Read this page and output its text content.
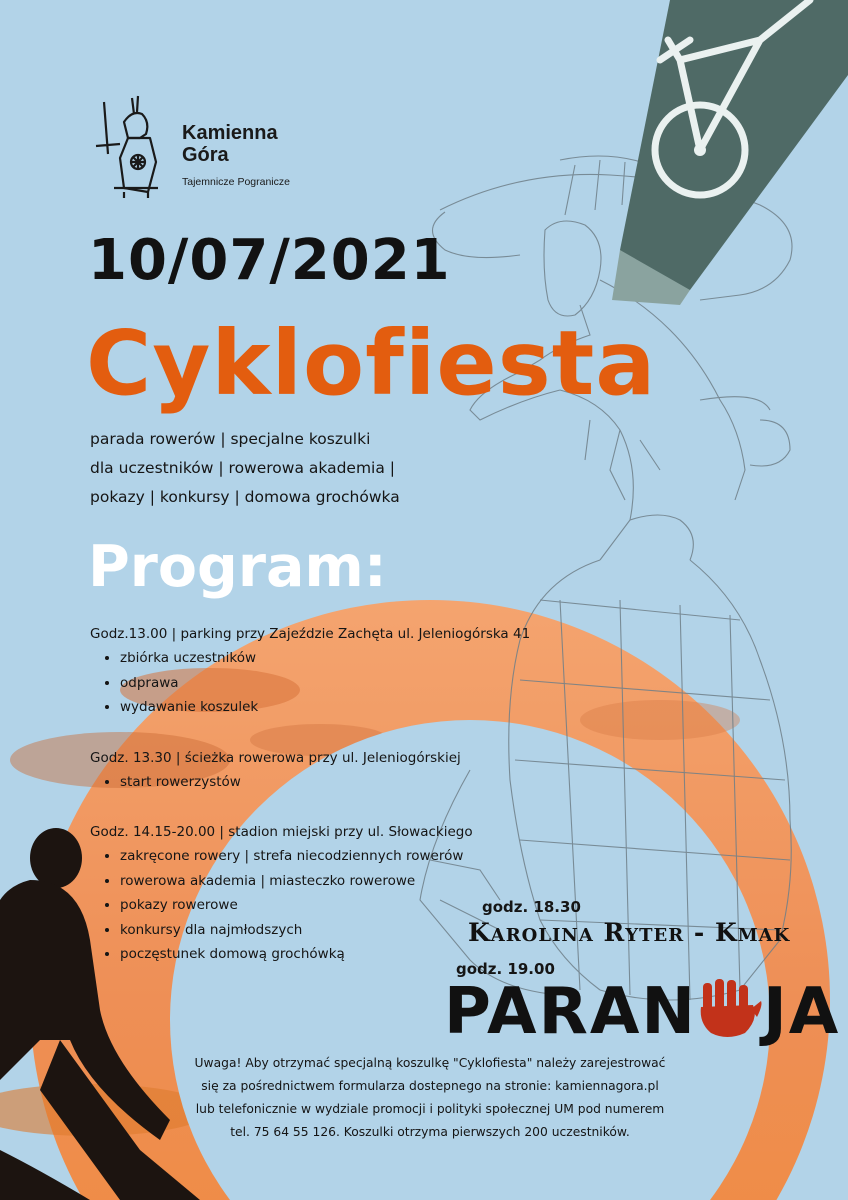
Kamienna
Góra
Tajemnicze Pogranicze
10/07/2021
Cyklofiesta
parada rowerów | specjalne koszulki
dla uczestników | rowerowa akademia |
pokazy | konkursy | domowa grochówka
Program:
Godz.13.00 | parking przy Zajeździe Zachęta ul. Jeleniogórska 41
• zbiórka uczestników
• odprawa
• wydawanie koszulek
Godz. 13.30 | ścieżka rowerowa przy ul. Jeleniogórskiej
• start rowerzystów
Godz. 14.15-20.00 | stadion miejski przy ul. Słowackiego
• zakręcone rowery | strefa niecodziennych rowerów
• rowerowa akademia | miasteczko rowerowe
• pokazy rowerowe
• konkursy dla najmłodszych
• poczęstunek domową grochówką
godz. 18.30
Karolina Ryter - Kmak
godz. 19.00
PARAN JA
Uwaga! Aby otrzymać specjalną koszulkę "Cyklofiesta" należy zarejestrować
się za pośrednictwem formularza dostepnego na stronie: kamiennagora.pl
lub telefonicznie w wydziale promocji i polityki społecznej UM pod numerem
tel. 75 64 55 126. Koszulki otrzyma pierwszych 200 uczestników.
